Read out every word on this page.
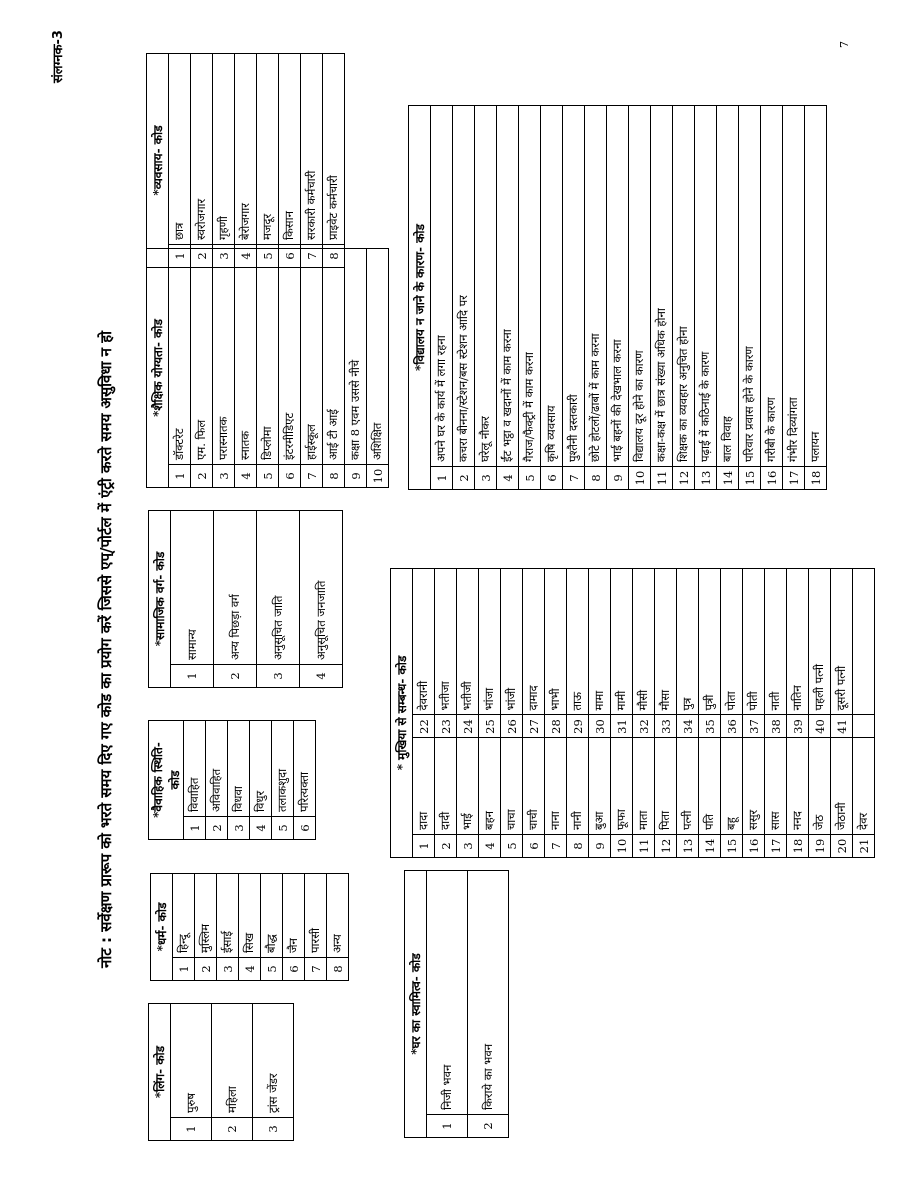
संलग्नक-3	7
नोट : सर्वेक्षण प्रारूप को भरते समय दिए गए कोड का प्रयोग करें जिससे एप्/पोर्टल में एंट्री करते समय असुविधा न हो
*लिंग- कोड	
1	पुरुष
2	महिला
3	ट्रांस जेंडर
*घर का स्वामित्व- कोड	
1	निजी भवन
2	किराये का भवन
*धर्म- कोड	
1	हिन्दू
2	मुस्लिम
3	ईसाई
4	सिख
5	बौद्ध
6	जैन
7	पारसी
8	अन्य
* मुखिया से सम्बन्ध- कोड			
1	दादा	22	देवरानी
2	दादी	23	भतीजा
3	भाई	24	भतीजी
4	बहन	25	भांजा
5	चाचा	26	भांजी
6	चाची	27	दामाद
7	नाना	28	भाभी
8	नानी	29	ताऊ
9	बुआ	30	मामा
10	फूफा	31	मामी
11	माता	32	मौसी
12	पिता	33	मौसा
13	पत्नी	34	पुत्र
14	पति	35	पुत्री
15	बहू	36	पोता
16	ससुर	37	पोती
17	सास	38	नाती
18	ननद	39	नातिन
19	जेठ	40	पहली पत्नी
20	जेठानी	41	दूसरी पत्नी
21	देवर		
*वैवाहिक स्थिति- कोड	
1	विवाहित
2	अविवाहित
3	विधवा
4	विधुर
5	तलाकशुदा
6	परित्यक्ता
*सामाजिक वर्ग- कोड	
1	सामान्य
2	अन्य पिछड़ा वर्ग
3	अनुसूचित जाति
4	अनुसूचित जनजाति
*शैक्षिक योग्यता- कोड	
1	डॉक्टरेट
2	एम. फिल
3	परास्नातक
4	स्नातक
5	डिप्लोमा
6	इंटरमीडिएट
7	हाईस्कूल
8	आई टी आई
9	कक्षा 8 एवम उससे नीचे
10	अशिक्षित
*व्यवसाय- कोड	
1	छात्र
2	स्वरोजगार
3	गृहणी
4	बेरोजगार
5	मजदूर
6	किसान
7	सरकारी कर्मचारी
8	प्राइवेट कर्मचारी
*विद्यालय न जाने के कारण- कोड	
1	अपने घर के कार्य में लगा रहना
2	कचरा बीनना/स्टेशन/बस स्टेशन आदि पर
3	घरेलू नौकर
4	ईंट भट्ठा व खदानों में काम करना
5	गैराज/फैक्ट्री में काम करना
6	कृषि व्यवसाय
7	पुश्तैनी दस्तकारी
8	छोटे होटलों/ढाबों में काम करना
9	भाई बहनों की देखभाल करना
10	विद्यालय दूर होने का कारण
11	कक्षा-कक्ष में छात्र संख्या अधिक होना
12	शिक्षक का व्यवहार अनुचित होना
13	पढ़ाई में कठिनाई के कारण
14	बाल विवाह
15	परिवार प्रवास होने के कारण
16	गरीबी के कारण
17	गंभीर दिव्यांगता
18	पलायन
